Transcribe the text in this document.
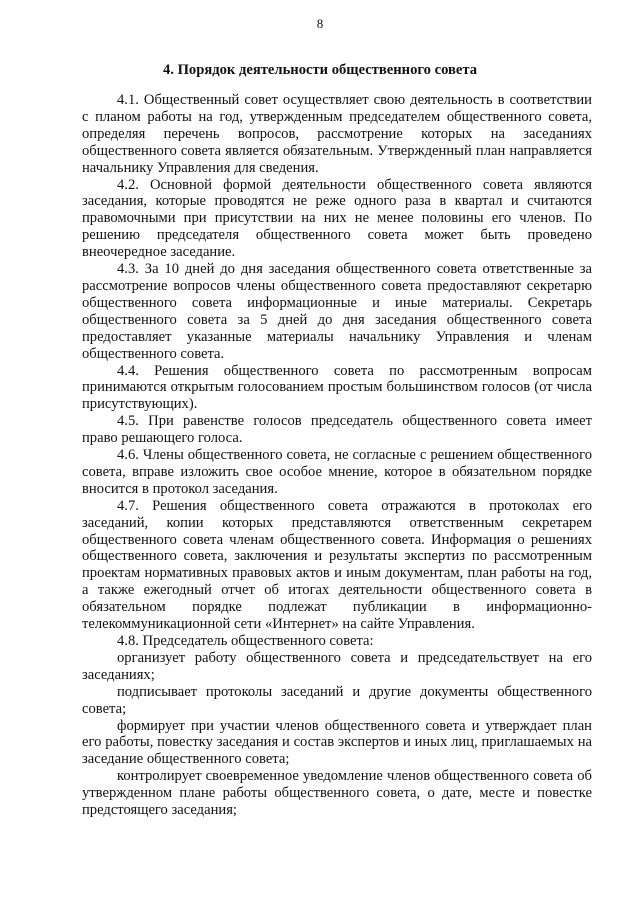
8
4. Порядок деятельности общественного совета

4.1. Общественный совет осуществляет свою деятельность в соответствии с планом работы на год, утвержденным председателем общественного совета, определяя перечень вопросов, рассмотрение которых на заседаниях общественного совета является обязательным. Утвержденный план направляется начальнику Управления для сведения.

4.2. Основной формой деятельности общественного совета являются заседания, которые проводятся не реже одного раза в квартал и считаются правомочными при присутствии на них не менее половины его членов. По решению председателя общественного совета может быть проведено внеочередное заседание.

4.3. За 10 дней до дня заседания общественного совета ответственные за рассмотрение вопросов члены общественного совета предоставляют секретарю общественного совета информационные и иные материалы. Секретарь общественного совета за 5 дней до дня заседания общественного совета предоставляет указанные материалы начальнику Управления и членам общественного совета.

4.4. Решения общественного совета по рассмотренным вопросам принимаются открытым голосованием простым большинством голосов (от числа присутствующих).

4.5. При равенстве голосов председатель общественного совета имеет право решающего голоса.

4.6. Члены общественного совета, не согласные с решением общественного совета, вправе изложить свое особое мнение, которое в обязательном порядке вносится в протокол заседания.

4.7. Решения общественного совета отражаются в протоколах его заседаний, копии которых представляются ответственным секретарем общественного совета членам общественного совета. Информация о решениях общественного совета, заключения и результаты экспертиз по рассмотренным проектам нормативных правовых актов и иным документам, план работы на год, а также ежегодный отчет об итогах деятельности общественного совета в обязательном порядке подлежат публикации в информационно-телекоммуникационной сети «Интернет» на сайте Управления.

4.8. Председатель общественного совета:

организует работу общественного совета и председательствует на его заседаниях;

подписывает протоколы заседаний и другие документы общественного совета;

формирует при участии членов общественного совета и утверждает план его работы, повестку заседания и состав экспертов и иных лиц, приглашаемых на заседание общественного совета;

контролирует своевременное уведомление членов общественного совета об утвержденном плане работы общественного совета, о дате, месте и повестке предстоящего заседания;
